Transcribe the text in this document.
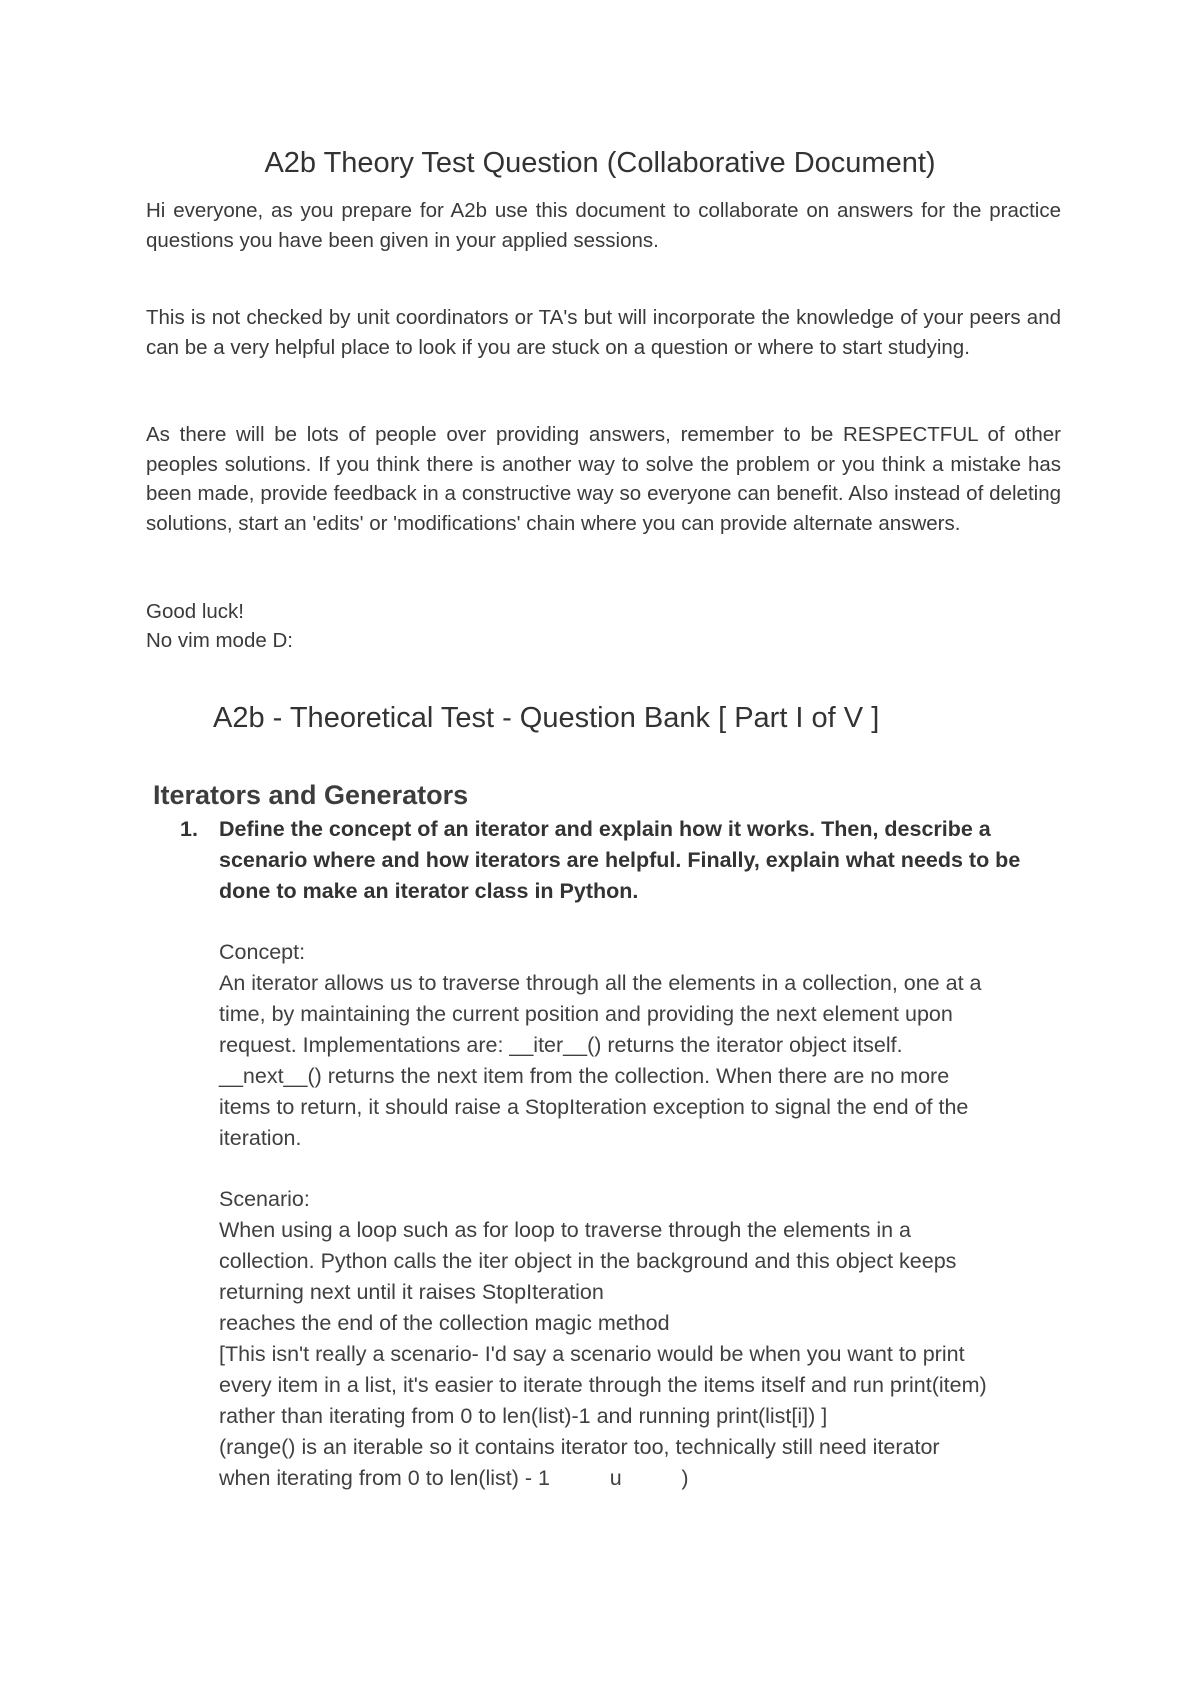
A2b Theory Test Question (Collaborative Document)

Hi everyone, as you prepare for A2b use this document to collaborate on answers for the practice questions you have been given in your applied sessions.

This is not checked by unit coordinators or TA's but will incorporate the knowledge of your peers and can be a very helpful place to look if you are stuck on a question or where to start studying.

As there will be lots of people over providing answers, remember to be RESPECTFUL of other peoples solutions. If you think there is another way to solve the problem or you think a mistake has been made, provide feedback in a constructive way so everyone can benefit. Also instead of deleting solutions, start an 'edits' or 'modifications' chain where you can provide alternate answers.

Good luck!

No vim mode D:

A2b - Theoretical Test - Question Bank [ Part I of V ]
Iterators and Generators
1. Define the concept of an iterator and explain how it works. Then, describe a scenario where and how iterators are helpful. Finally, explain what needs to be done to make an iterator class in Python.

Concept:
An iterator allows us to traverse through all the elements in a collection, one at a
time, by maintaining the current position and providing the next element upon
request. Implementations are: __iter__() returns the iterator object itself.
__next__() returns the next item from the collection. When there are no more
items to return, it should raise a StopIteration exception to signal the end of the
iteration.
Scenario:
When using a loop such as for loop to traverse through the elements in a
collection. Python calls the iter object in the background and this object keeps
returning next until it raises StopIteration
reaches the end of the collection magic method
[This isn't really a scenario- I'd say a scenario would be when you want to print
every item in a list, it's easier to iterate through the items itself and run print(item)
rather than iterating from 0 to len(list)-1 and running print(list[i]) ]
(range() is an iterable so it contains iterator too, technically still need iterator
when iterating from 0 to len(list) - 1          u          )
